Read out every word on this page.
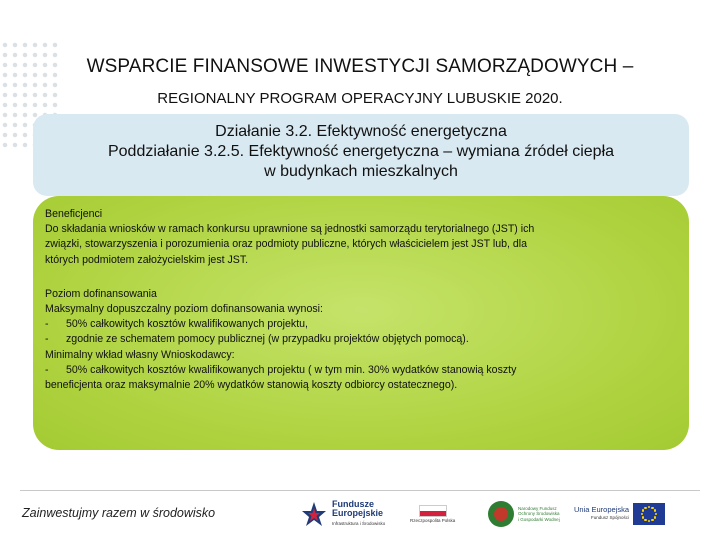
WSPARCIE FINANSOWE INWESTYCJI SAMORZĄDOWYCH –
REGIONALNY PROGRAM OPERACYJNY LUBUSKIE 2020.
Działanie 3.2. Efektywność energetyczna
Poddziałanie 3.2.5. Efektywność energetyczna – wymiana źródeł ciepła
w budynkach mieszkalnych

Beneficjenci

Do składania wniosków w ramach konkursu uprawnione są jednostki samorządu terytorialnego (JST) ich

związki, stowarzyszenia i porozumienia oraz podmioty publiczne, których właścicielem jest JST lub, dla

których podmiotem założycielskim jest JST.

Poziom dofinansowania

Maksymalny dopuszczalny poziom dofinansowania wynosi:

- 50% całkowitych kosztów kwalifikowanych projektu,

- zgodnie ze schematem pomocy publicznej (w przypadku projektów objętych pomocą).

Minimalny wkład własny Wnioskodawcy:

- 50% całkowitych kosztów kwalifikowanych projektu ( w tym min. 30% wydatków stanowią koszty

beneficjenta oraz maksymalnie 20% wydatków stanowią koszty odbiorcy ostatecznego).

Zainwestujmy razem w środowisko
Fundusze
Europejskie
Infrastruktura i Środowisko
Rzeczpospolita Polska
Narodowy Fundusz
Ochrony Środowiska
i Gospodarki Wodnej
Unia Europejska
Fundusz Spójności
